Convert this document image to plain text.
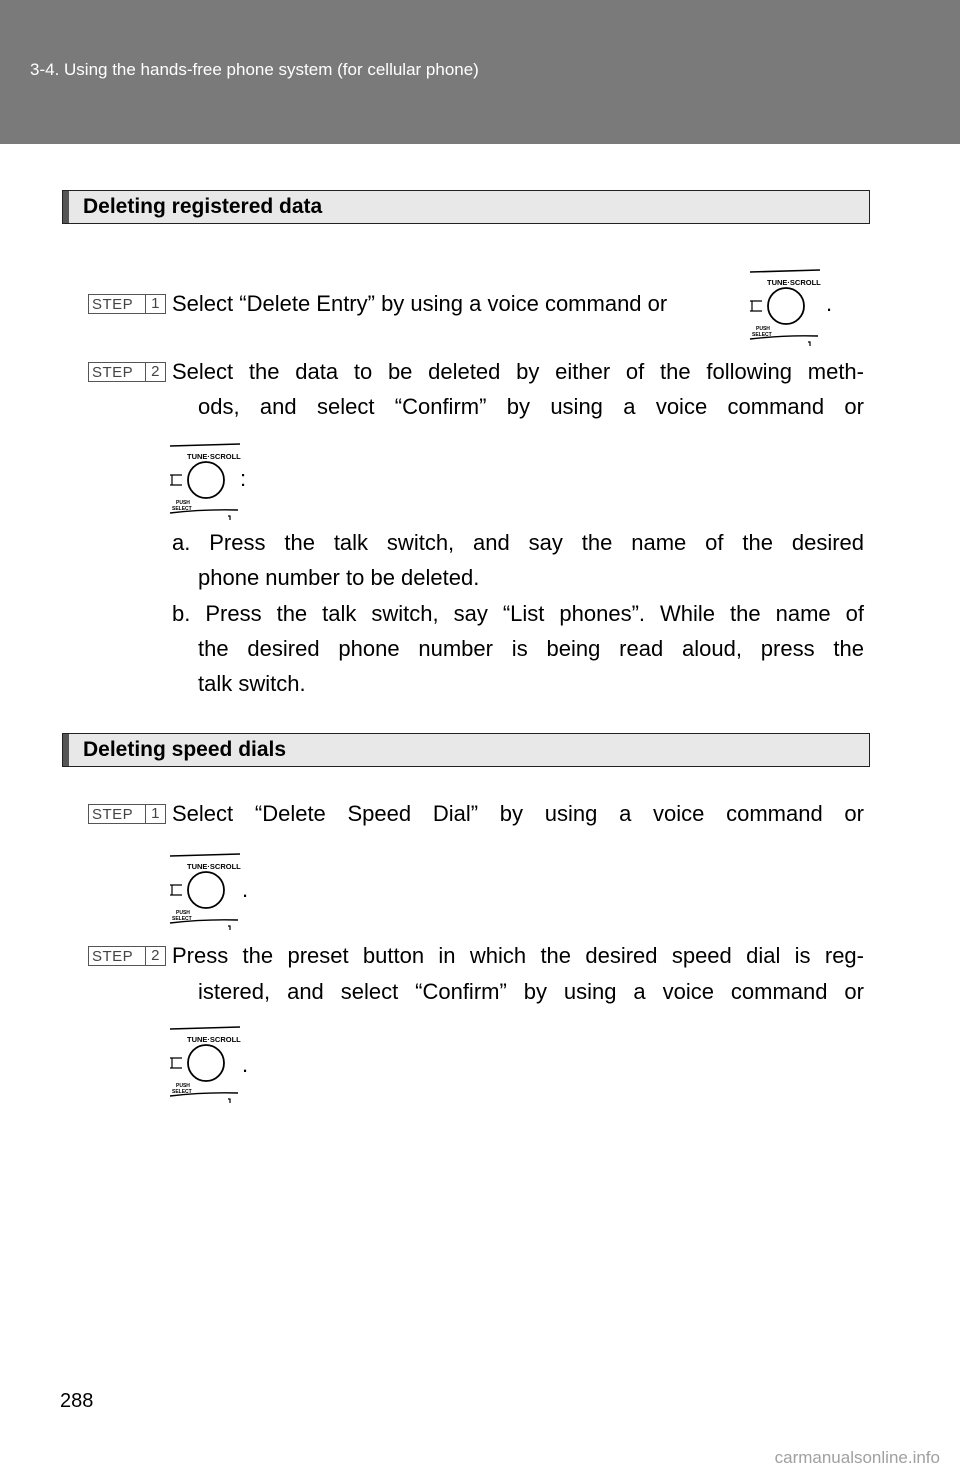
3-4. Using the hands-free phone system (for cellular phone)
Deleting registered data
STEP	1 Select “Delete Entry” by using a voice command or
TUNE·SCROLL
PUSH
SELECT
.
STEP	2 Select the data to be deleted by either of the following meth-
ods, and select “Confirm” by using a voice command or
TUNE·SCROLL
PUSH
SELECT
:
a. Press the talk switch, and say the name of the desired
phone number to be deleted.
b. Press the talk switch, say “List phones”. While the name of
the desired phone number is being read aloud, press the
talk switch.
Deleting speed dials
STEP	1 Select “Delete Speed Dial” by using a voice command or
TUNE·SCROLL
PUSH
SELECT
.
STEP	2 Press the preset button in which the desired speed dial is reg-
istered, and select “Confirm” by using a voice command or
TUNE·SCROLL
PUSH
SELECT
.
288
carmanualsonline.info
